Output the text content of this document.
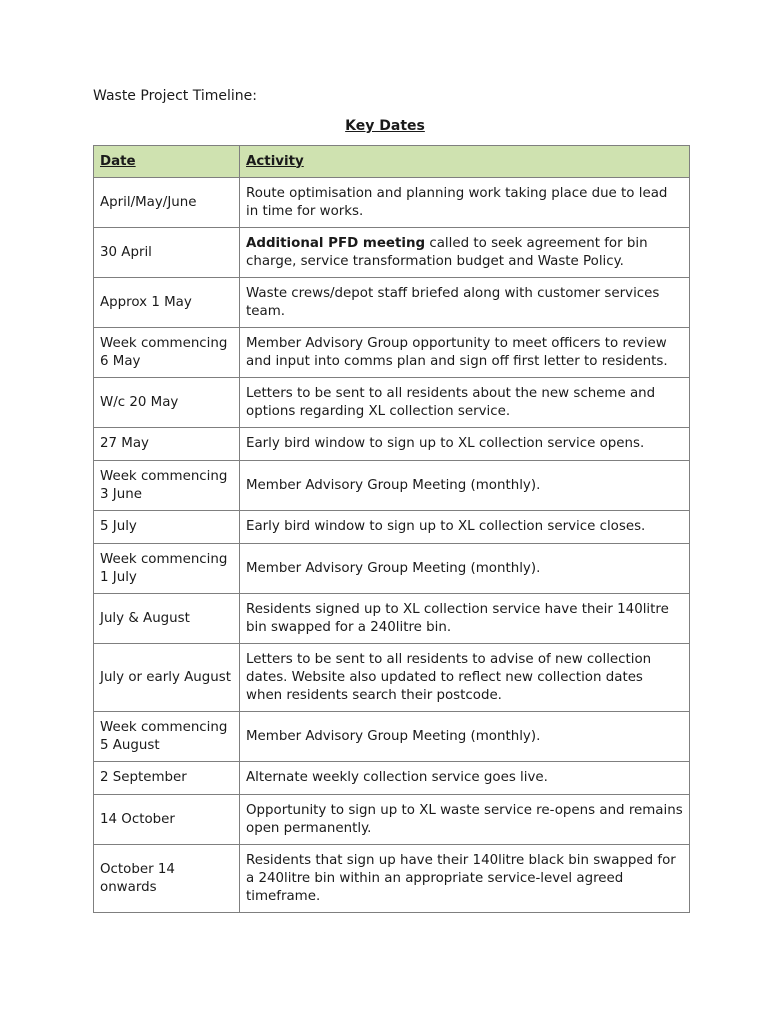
Waste Project Timeline:
Key Dates
Date	Activity
April/May/June	Route optimisation and planning work taking place due to lead in time for works.
30 April	Additional PFD meeting called to seek agreement for bin charge, service transformation budget and Waste Policy.
Approx 1 May	Waste crews/depot staff briefed along with customer services team.
Week commencing 6 May	Member Advisory Group opportunity to meet officers to review and input into comms plan and sign off first letter to residents.
W/c 20 May	Letters to be sent to all residents about the new scheme and options regarding XL collection service.
27 May	Early bird window to sign up to XL collection service opens.
Week commencing 3 June	Member Advisory Group Meeting (monthly).
5 July	Early bird window to sign up to XL collection service closes.
Week commencing 1 July	Member Advisory Group Meeting (monthly).
July & August	Residents signed up to XL collection service have their 140litre bin swapped for a 240litre bin.
July or early August	Letters to be sent to all residents to advise of new collection dates. Website also updated to reflect new collection dates when residents search their postcode.
Week commencing 5 August	Member Advisory Group Meeting (monthly).
2 September	Alternate weekly collection service goes live.
14 October	Opportunity to sign up to XL waste service re-opens and remains open permanently.
October 14 onwards	Residents that sign up have their 140litre black bin swapped for a 240litre bin within an appropriate service-level agreed timeframe.
